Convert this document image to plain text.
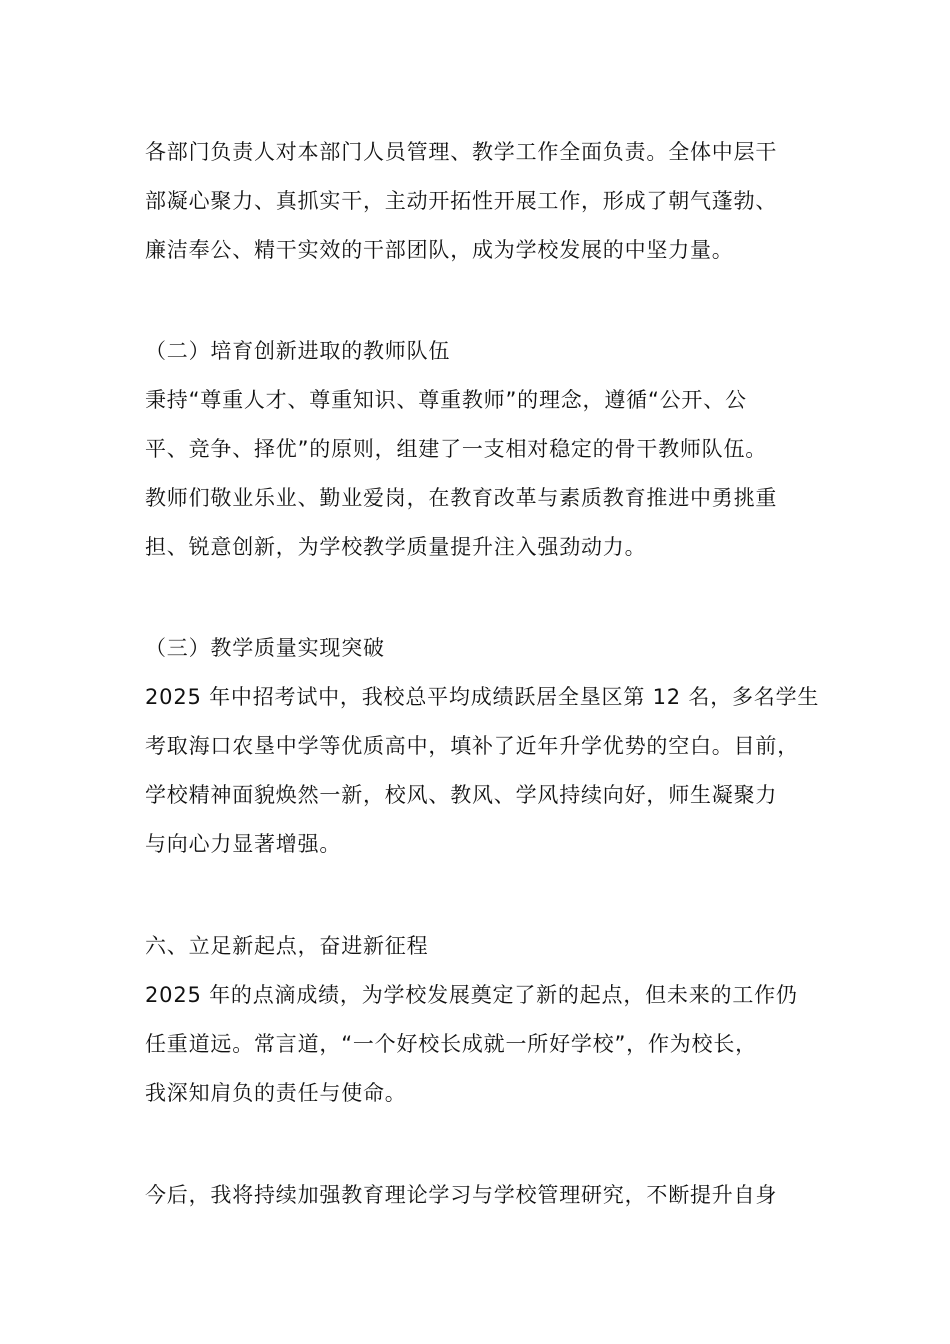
各部门负责人对本部门人员管理、教学工作全面负责。全体中层干
部凝心聚力、真抓实干，主动开拓性开展工作，形成了朝气蓬勃、
廉洁奉公、精干实效的干部团队，成为学校发展的中坚力量。
（二）培育创新进取的教师队伍
秉持“尊重人才、尊重知识、尊重教师”的理念，遵循“公开、公
平、竞争、择优”的原则，组建了一支相对稳定的骨干教师队伍。
教师们敬业乐业、勤业爱岗，在教育改革与素质教育推进中勇挑重
担、锐意创新，为学校教学质量提升注入强劲动力。
（三）教学质量实现突破
2025 年中招考试中，我校总平均成绩跃居全垦区第 12 名，多名学生
考取海口农垦中学等优质高中，填补了近年升学优势的空白。目前，
学校精神面貌焕然一新，校风、教风、学风持续向好，师生凝聚力
与向心力显著增强。
六、立足新起点，奋进新征程
2025 年的点滴成绩，为学校发展奠定了新的起点，但未来的工作仍
任重道远。常言道，“一个好校长成就一所好学校”，作为校长，
我深知肩负的责任与使命。
今后，我将持续加强教育理论学习与学校管理研究，不断提升自身
